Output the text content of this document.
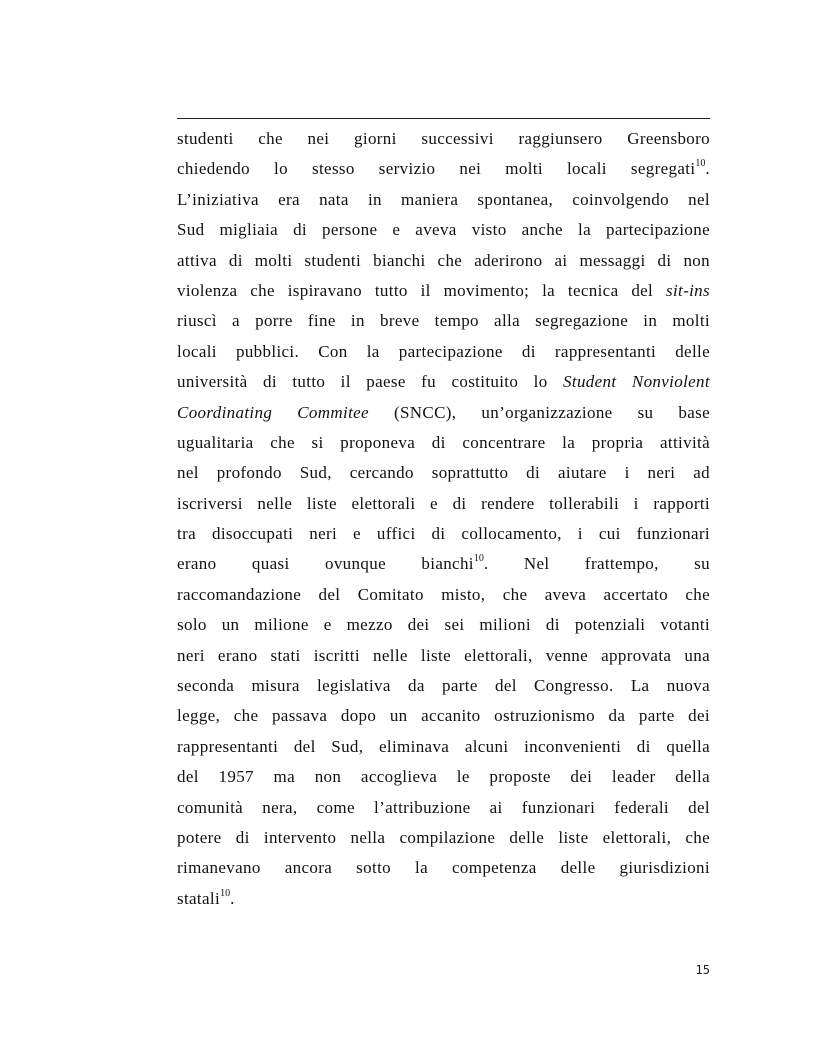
studenti che nei giorni successivi raggiunsero Greensboro
chiedendo lo stesso servizio nei molti locali segregati$^{10}$.
L’iniziativa era nata in maniera spontanea, coinvolgendo nel
Sud migliaia di persone e aveva visto anche la partecipazione
attiva di molti studenti bianchi che aderirono ai messaggi di non
violenza che ispiravano tutto il movimento; la tecnica del sit-ins
riuscì a porre fine in breve tempo alla segregazione in molti
locali pubblici. Con la partecipazione di rappresentanti delle
università di tutto il paese fu costituito lo Student Nonviolent
Coordinating Commitee (SNCC), un’organizzazione su base
ugualitaria che si proponeva di concentrare la propria attività
nel profondo Sud, cercando soprattutto di aiutare i neri ad
iscriversi nelle liste elettorali e di rendere tollerabili i rapporti
tra disoccupati neri e uffici di collocamento, i cui funzionari
erano quasi ovunque bianchi$^{10}$. Nel frattempo, su
raccomandazione del Comitato misto, che aveva accertato che
solo un milione e mezzo dei sei milioni di potenziali votanti
neri erano stati iscritti nelle liste elettorali, venne approvata una
seconda misura legislativa da parte del Congresso. La nuova
legge, che passava dopo un accanito ostruzionismo da parte dei
rappresentanti del Sud, eliminava alcuni inconvenienti di quella
del 1957 ma non accoglieva le proposte dei leader della
comunità nera, come l’attribuzione ai funzionari federali del
potere di intervento nella compilazione delle liste elettorali, che
rimanevano ancora sotto la competenza delle giurisdizioni
statali$^{10}$.
15
